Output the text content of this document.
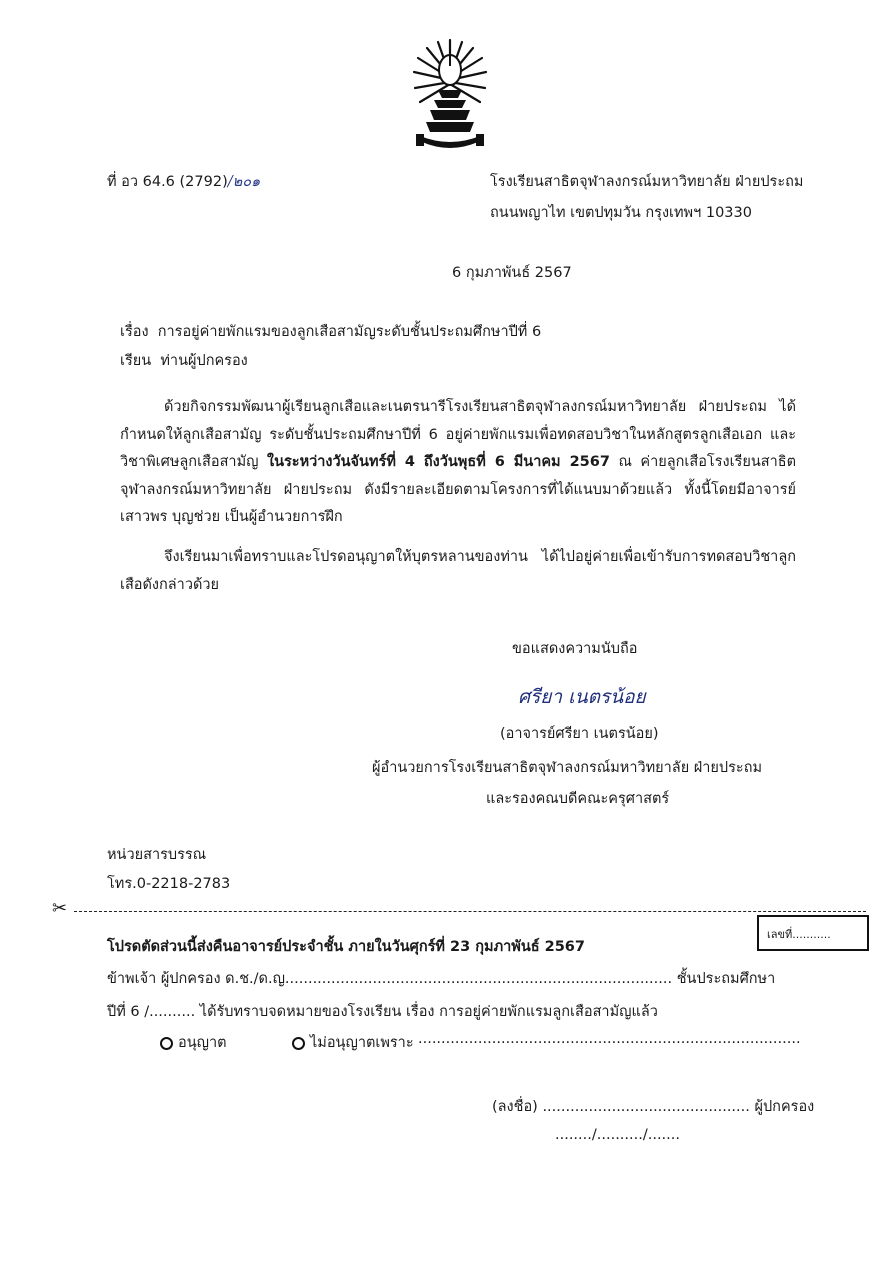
ที่ อว 64.6 (2792)/๒๐๑	โรงเรียนสาธิตจุฬาลงกรณ์มหาวิทยาลัย ฝ่ายประถม
ถนนพญาไท เขตปทุมวัน กรุงเทพฯ 10330
6 กุมภาพันธ์ 2567
เรื่อง การอยู่ค่ายพักแรมของลูกเสือสามัญระดับชั้นประถมศึกษาปีที่ 6
เรียน ท่านผู้ปกครอง
ด้วยกิจกรรมพัฒนาผู้เรียนลูกเสือและเนตรนารีโรงเรียนสาธิตจุฬาลงกรณ์มหาวิทยาลัย ฝ่ายประถม ได้กำหนดให้ลูกเสือสามัญ ระดับชั้นประถมศึกษาปีที่ 6 อยู่ค่ายพักแรมเพื่อทดสอบวิชาในหลักสูตรลูกเสือเอก และวิชาพิเศษลูกเสือสามัญ ในระหว่างวันจันทร์ที่ 4 ถึงวันพุธที่ 6 มีนาคม 2567 ณ ค่ายลูกเสือโรงเรียนสาธิตจุฬาลงกรณ์มหาวิทยาลัย ฝ่ายประถม ดังมีรายละเอียดตามโครงการที่ได้แนบมาด้วยแล้ว ทั้งนี้โดยมีอาจารย์เสาวพร บุญช่วย เป็นผู้อำนวยการฝึก
จึงเรียนมาเพื่อทราบและโปรดอนุญาตให้บุตรหลานของท่าน ได้ไปอยู่ค่ายเพื่อเข้ารับการทดสอบวิชาลูกเสือดังกล่าวด้วย
ขอแสดงความนับถือ
ศรียา เนตรน้อย
(อาจารย์ศรียา เนตรน้อย)
ผู้อำนวยการโรงเรียนสาธิตจุฬาลงกรณ์มหาวิทยาลัย ฝ่ายประถม
และรองคณบดีคณะครุศาสตร์
หน่วยสารบรรณ
โทร.0-2218-2783
✂
เลขที่...........
โปรดตัดส่วนนี้ส่งคืนอาจารย์ประจำชั้น ภายในวันศุกร์ที่ 23 กุมภาพันธ์ 2567
ข้าพเจ้า ผู้ปกครอง ด.ช./ด.ญ.................................................................................... ชั้นประถมศึกษา
ปีที่ 6 /.......... ได้รับทราบจดหมายของโรงเรียน เรื่อง การอยู่ค่ายพักแรมลูกเสือสามัญแล้ว
อนุญาต	ไม่อนุญาตเพราะ ...................................................................................
(ลงชื่อ) ............................................. ผู้ปกครอง
......../........../.......
